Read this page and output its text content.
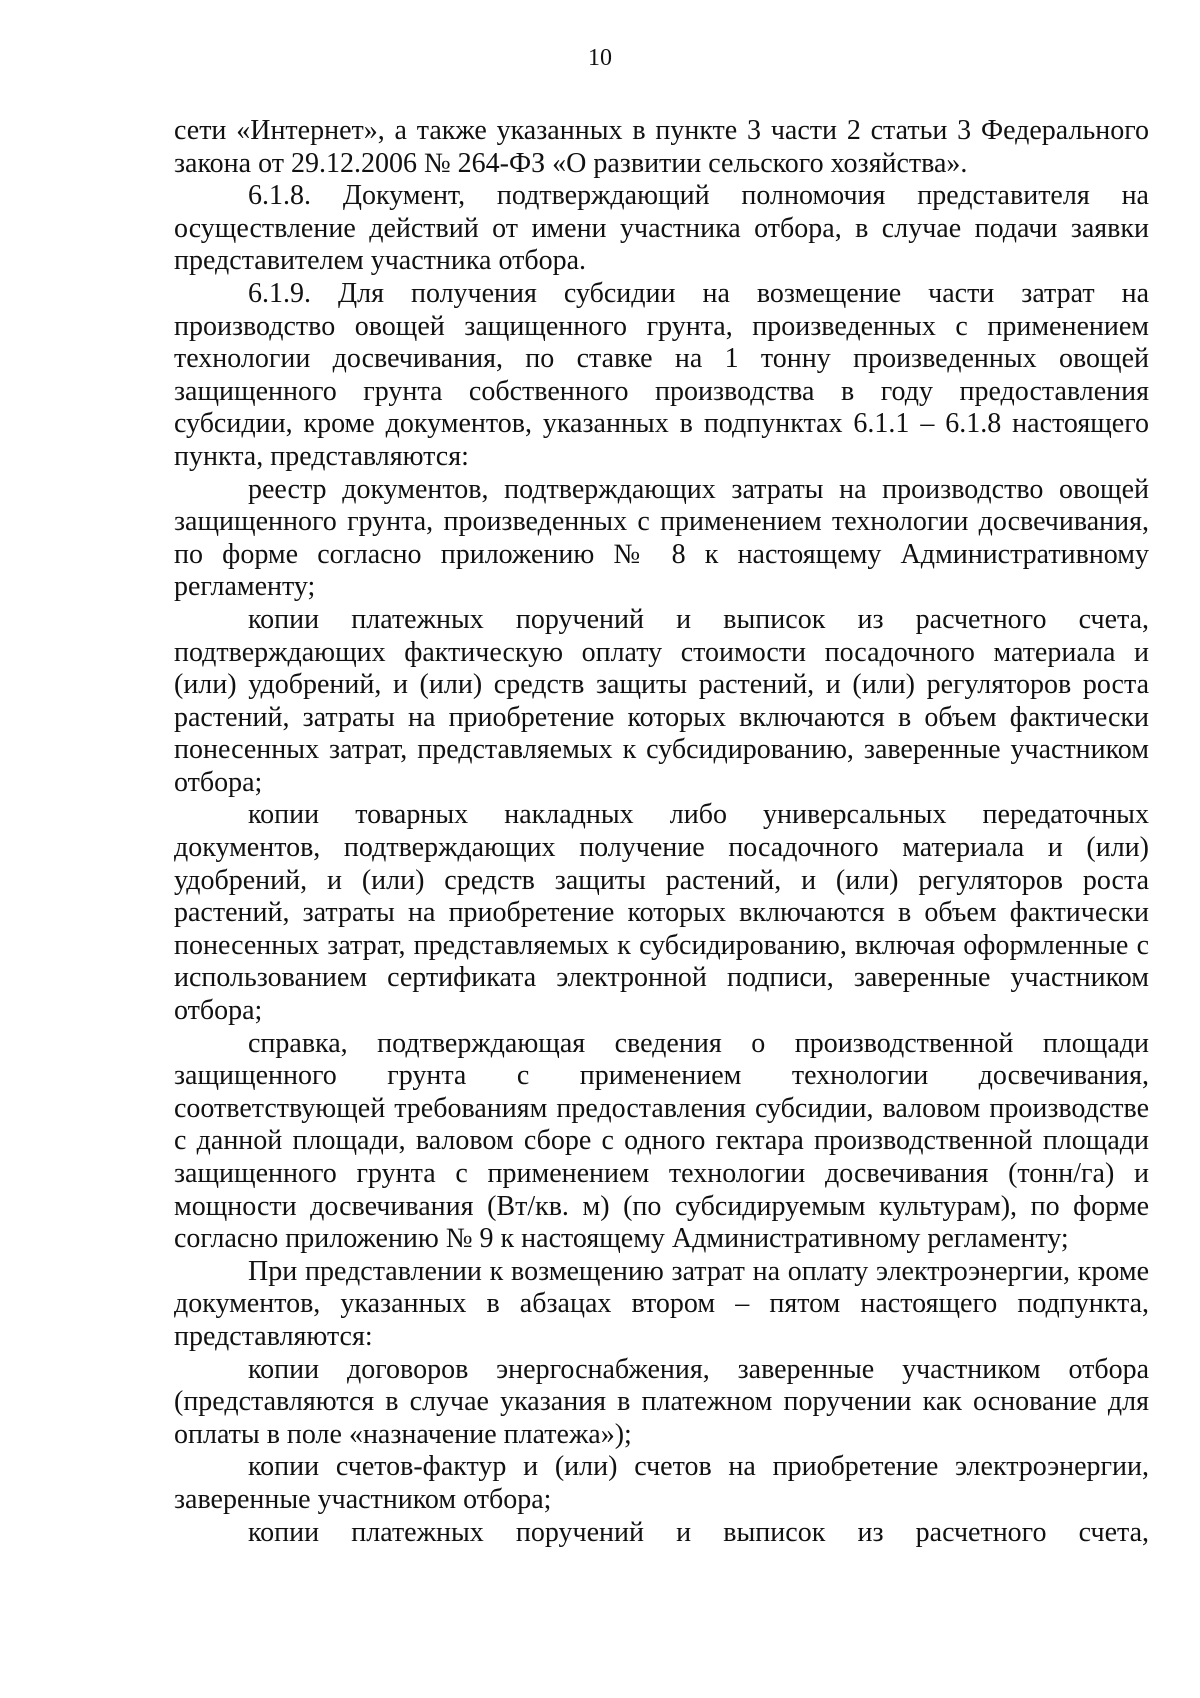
10

сети «Интернет», а также указанных в пункте 3 части 2 статьи 3 Федерального закона от 29.12.2006 № 264-ФЗ «О развитии сельского хозяйства».

6.1.8. Документ, подтверждающий полномочия представителя на осуществление действий от имени участника отбора, в случае подачи заявки представителем участника отбора.

6.1.9. Для получения субсидии на возмещение части затрат на производство овощей защищенного грунта, произведенных с применением технологии досвечивания, по ставке на 1 тонну произведенных овощей защищенного грунта собственного производства в году предоставления субсидии, кроме документов, указанных в подпунктах 6.1.1 – 6.1.8 настоящего пункта, представляются:

реестр документов, подтверждающих затраты на производство овощей защищенного грунта, произведенных с применением технологии досвечивания, по форме согласно приложению № 8 к настоящему Административному регламенту;

копии платежных поручений и выписок из расчетного счета, подтверждающих фактическую оплату стоимости посадочного материала и (или) удобрений, и (или) средств защиты растений, и (или) регуляторов роста растений, затраты на приобретение которых включаются в объем фактически понесенных затрат, представляемых к субсидированию, заверенные участником отбора;

копии товарных накладных либо универсальных передаточных документов, подтверждающих получение посадочного материала и (или) удобрений, и (или) средств защиты растений, и (или) регуляторов роста растений, затраты на приобретение которых включаются в объем фактически понесенных затрат, представляемых к субсидированию, включая оформленные с использованием сертификата электронной подписи, заверенные участником отбора;

справка, подтверждающая сведения о производственной площади защищенного грунта с применением технологии досвечивания, соответствующей требованиям предоставления субсидии, валовом производстве с данной площади, валовом сборе с одного гектара производственной площади защищенного грунта с применением технологии досвечивания (тонн/га) и мощности досвечивания (Вт/кв. м) (по субсидируемым культурам), по форме согласно приложению № 9 к настоящему Административному регламенту;

При представлении к возмещению затрат на оплату электроэнергии, кроме документов, указанных в абзацах втором – пятом настоящего подпункта, представляются:

копии договоров энергоснабжения, заверенные участником отбора (представляются в случае указания в платежном поручении как основание для оплаты в поле «назначение платежа»);

копии счетов-фактур и (или) счетов на приобретение электроэнергии, заверенные участником отбора;

копии платежных поручений и выписок из расчетного счета,
